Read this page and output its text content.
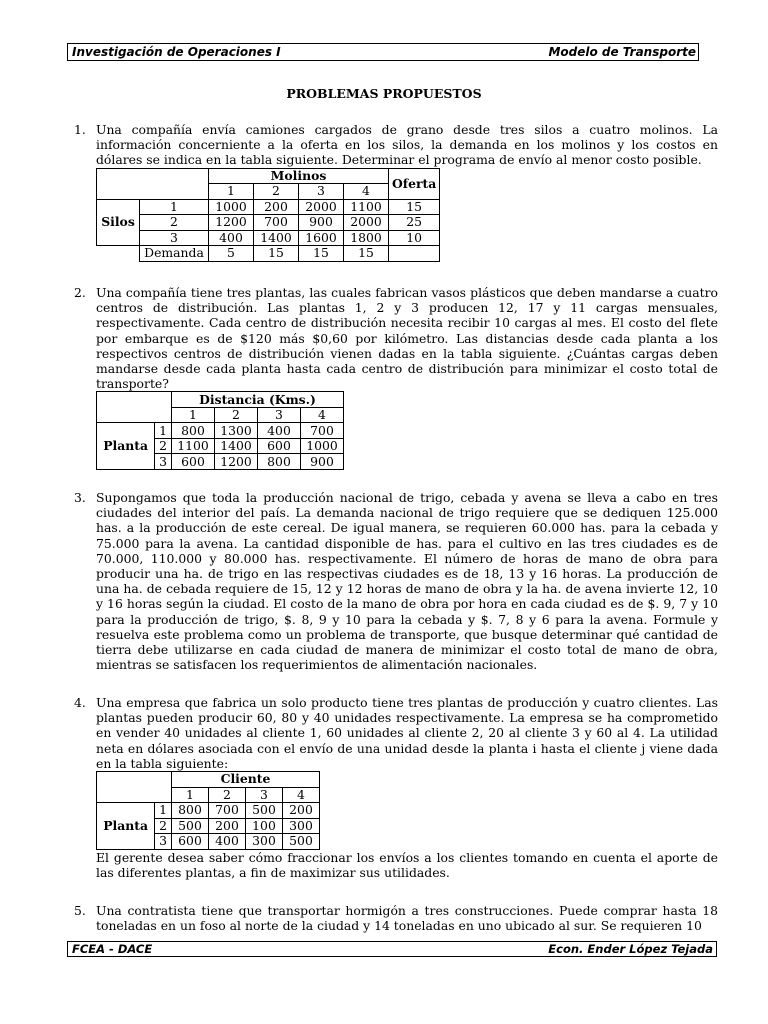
Investigación de Operaciones I	Modelo de Transporte
PROBLEMAS PROPUESTOS
1. Una compañía envía camiones cargados de grano desde tres silos a cuatro molinos. La información concerniente a la oferta en los silos, la demanda en los molinos y los costos en dólares se indica en la tabla siguiente. Determinar el programa de envío al menor costo posible.
		Molinos				Oferta
		1	2	3	4	
Silos	1	1000	200	2000	1100	15
	2	1200	700	900	2000	25
	3	400	1400	1600	1800	10
	Demanda	5	15	15	15	
2. Una compañía tiene tres plantas, las cuales fabrican vasos plásticos que deben mandarse a cuatro centros de distribución. Las plantas 1, 2 y 3 producen 12, 17 y 11 cargas mensuales, respectivamente. Cada centro de distribución necesita recibir 10 cargas al mes. El costo del flete por embarque es de $120 más $0,60 por kilómetro. Las distancias desde cada planta a los respectivos centros de distribución vienen dadas en la tabla siguiente. ¿Cuántas cargas deben mandarse desde cada planta hasta cada centro de distribución para minimizar el costo total de transporte?
		Distancia (Kms.)			
		1	2	3	4
Planta	1	800	1300	400	700
	2	1100	1400	600	1000
	3	600	1200	800	900
3. Supongamos que toda la producción nacional de trigo, cebada y avena se lleva a cabo en tres ciudades del interior del país. La demanda nacional de trigo requiere que se dediquen 125.000 has. a la producción de este cereal. De igual manera, se requieren 60.000 has. para la cebada y 75.000 para la avena. La cantidad disponible de has. para el cultivo en las tres ciudades es de 70.000, 110.000 y 80.000 has. respectivamente. El número de horas de mano de obra para producir una ha. de trigo en las respectivas ciudades es de 18, 13 y 16 horas. La producción de una ha. de cebada requiere de 15, 12 y 12 horas de mano de obra y la ha. de avena invierte 12, 10 y 16 horas según la ciudad. El costo de la mano de obra por hora en cada ciudad es de $. 9, 7 y 10 para la producción de trigo, $. 8, 9 y 10 para la cebada y $. 7, 8 y 6 para la avena. Formule y resuelva este problema como un problema de transporte, que busque determinar qué cantidad de tierra debe utilizarse en cada ciudad de manera de minimizar el costo total de mano de obra, mientras se satisfacen los requerimientos de alimentación nacionales.
4. Una empresa que fabrica un solo producto tiene tres plantas de producción y cuatro clientes. Las plantas pueden producir 60, 80 y 40 unidades respectivamente. La empresa se ha comprometido en vender 40 unidades al cliente 1, 60 unidades al cliente 2, 20 al cliente 3 y 60 al 4. La utilidad neta en dólares asociada con el envío de una unidad desde la planta i hasta el cliente j viene dada en la tabla siguiente:
		Cliente			
		1	2	3	4
Planta	1	800	700	500	200
	2	500	200	100	300
	3	600	400	300	500
El gerente desea saber cómo fraccionar los envíos a los clientes tomando en cuenta el aporte de las diferentes plantas, a fin de maximizar sus utilidades.
5. Una contratista tiene que transportar hormigón a tres construcciones. Puede comprar hasta 18 toneladas en un foso al norte de la ciudad y 14 toneladas en uno ubicado al sur. Se requieren 10
FCEA - DACE	Econ. Ender López Tejada
